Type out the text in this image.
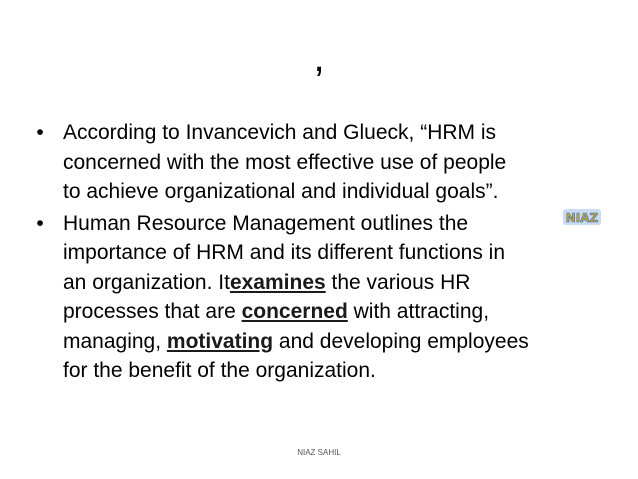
,
• According to Invancevich and Glueck, “HRM is
concerned with the most effective use of people
to achieve organizational and individual goals”.
• Human Resource Management outlines the
importance of HRM and its different functions in
an organization. Itexamines the various HR
processes that are concerned with attracting,
managing, motivating and developing employees
for the benefit of the organization.
NIAZ
NIAZ SAHIL
